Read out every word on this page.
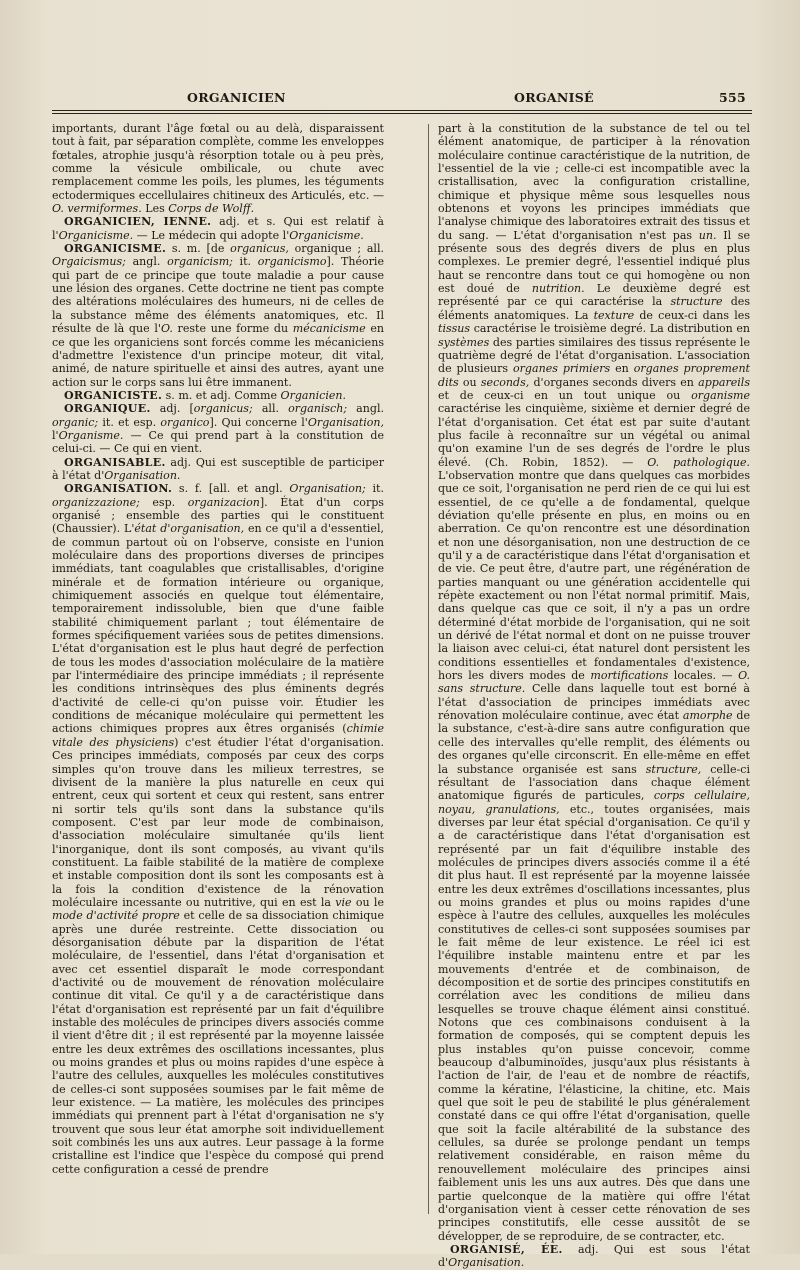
ORGANICIEN	ORGANISÉ	555

importants, durant l'âge fœtal ou au delà, disparaissent tout à fait, par séparation complète, comme les enveloppes fœtales, atrophie jusqu'à résorption totale ou à peu près, comme la vésicule ombilicale, ou chute avec remplacement comme les poils, les plumes, les téguments ectodermiques eccellulaires chitineux des Articulés, etc. — O. vermiformes. Les Corps de Wolff.

ORGANICIEN, IENNE. adj. et s. Qui est relatif à l'Organicisme. — Le médecin qui adopte l'Organicisme.

ORGANICISME. s. m. [de organicus, organique ; all. Orgaicismus; angl. organicism; it. organicismo]. Théorie qui part de ce principe que toute maladie a pour cause une lésion des organes. Cette doctrine ne tient pas compte des altérations moléculaires des humeurs, ni de celles de la substance même des éléments anatomiques, etc. Il résulte de là que l'O. reste une forme du mécanicisme en ce que les organiciens sont forcés comme les mécaniciens d'admettre l'existence d'un principe moteur, dit vital, animé, de nature spirituelle et ainsi des autres, ayant une action sur le corps sans lui être immanent.

ORGANICISTE. s. m. et adj. Comme Organicien.

ORGANIQUE. adj. [organicus; all. organisch; angl. organic; it. et esp. organico]. Qui concerne l'Organisation, l'Organisme. — Ce qui prend part à la constitution de celui-ci. — Ce qui en vient.

ORGANISABLE. adj. Qui est susceptible de participer à l'état d'Organisation.

ORGANISATION. s. f. [all. et angl. Organisation; it. organizzazione; esp. organizacion]. État d'un corps organisé ; ensemble des parties qui le constituent (Chaussier). L'état d'organisation, en ce qu'il a d'essentiel, de commun partout où on l'observe, consiste en l'union moléculaire dans des proportions diverses de principes immédiats, tant coagulables que cristallisables, d'origine minérale et de formation intérieure ou organique, chimiquement associés en quelque tout élémentaire, temporairement indissoluble, bien que d'une faible stabilité chimiquement parlant ; tout élémentaire de formes spécifiquement variées sous de petites dimensions. L'état d'organisation est le plus haut degré de perfection de tous les modes d'association moléculaire de la matière par l'intermédiaire des principe immédiats ; il représente les conditions intrinsèques des plus éminents degrés d'activité de celle-ci qu'on puisse voir. Étudier les conditions de mécanique moléculaire qui permettent les actions chimiques propres aux êtres organisés (chimie vitale des physiciens) c'est étudier l'état d'organisation. Ces principes immédiats, composés par ceux des corps simples qu'on trouve dans les milieux terrestres, se divisent de la manière la plus naturelle en ceux qui entrent, ceux qui sortent et ceux qui restent, sans entrer ni sortir tels qu'ils sont dans la substance qu'ils composent. C'est par leur mode de combinaison, d'association moléculaire simultanée qu'ils lient l'inorganique, dont ils sont composés, au vivant qu'ils constituent. La faible stabilité de la matière de complexe et instable composition dont ils sont les composants est à la fois la condition d'existence de la rénovation moléculaire incessante ou nutritive, qui en est la vie ou le mode d'activité propre et celle de sa dissociation chimique après une durée restreinte. Cette dissociation ou désorganisation débute par la disparition de l'état moléculaire, de l'essentiel, dans l'état d'organisation et avec cet essentiel disparaît le mode correspondant d'activité ou de mouvement de rénovation moléculaire continue dit vital. Ce qu'il y a de caractéristique dans l'état d'organisation est représenté par un fait d'équilibre instable des molécules de principes divers associés comme il vient d'être dit ; il est représenté par la moyenne laissée entre les deux extrêmes des oscillations incessantes, plus ou moins grandes et plus ou moins rapides d'une espèce à l'autre des cellules, auxquelles les molécules constitutives de celles-ci sont supposées soumises par le fait même de leur existence. — La matière, les molécules des principes immédiats qui prennent part à l'état d'organisation ne s'y trouvent que sous leur état amorphe soit individuellement soit combinés les uns aux autres. Leur passage à la forme cristalline est l'indice que l'espèce du composé qui prend cette configuration a cessé de prendre

part à la constitution de la substance de tel ou tel élément anatomique, de participer à la rénovation moléculaire continue caractéristique de la nutrition, de l'essentiel de la vie ; celle-ci est incompatible avec la cristallisation, avec la configuration cristalline, chimique et physique même sous lesquelles nous obtenons et voyons les principes immédiats que l'analyse chimique des laboratoires extrait des tissus et du sang. — L'état d'organisation n'est pas un. Il se présente sous des degrés divers de plus en plus complexes. Le premier degré, l'essentiel indiqué plus haut se rencontre dans tout ce qui homogène ou non est doué de nutrition. Le deuxième degré est représenté par ce qui caractérise la structure des éléments anatomiques. La texture de ceux-ci dans les tissus caractérise le troisième degré. La distribution en systèmes des parties similaires des tissus représente le quatrième degré de l'état d'organisation. L'association de plusieurs organes primiers en organes proprement dits ou seconds, d'organes seconds divers en appareils et de ceux-ci en un tout unique ou organisme caractérise les cinquième, sixième et dernier degré de l'état d'organisation. Cet état est par suite d'autant plus facile à reconnaître sur un végétal ou animal qu'on examine l'un de ses degrés de l'ordre le plus élevé. (Ch. Robin, 1852). — O. pathologique. L'observation montre que dans quelques cas morbides que ce soit, l'organisation ne perd rien de ce qui lui est essentiel, de ce qu'elle a de fondamental, quelque déviation qu'elle présente en plus, en moins ou en aberration. Ce qu'on rencontre est une désordination et non une désorganisation, non une destruction de ce qu'il y a de caractéristique dans l'état d'organisation et de vie. Ce peut être, d'autre part, une régénération de parties manquant ou une génération accidentelle qui répète exactement ou non l'état normal primitif. Mais, dans quelque cas que ce soit, il n'y a pas un ordre déterminé d'état morbide de l'organisation, qui ne soit un dérivé de l'état normal et dont on ne puisse trouver la liaison avec celui-ci, état naturel dont persistent les conditions essentielles et fondamentales d'existence, hors les divers modes de mortifications locales. — O. sans structure. Celle dans laquelle tout est borné à l'état d'association de principes immédiats avec rénovation moléculaire continue, avec état amorphe de la substance, c'est-à-dire sans autre configuration que celle des intervalles qu'elle remplit, des éléments ou des organes qu'elle circonscrit. En elle-même en effet la substance organisée est sans structure, celle-ci résultant de l'association dans chaque élément anatomique figurés de particules, corps cellulaire, noyau, granulations, etc., toutes organisées, mais diverses par leur état spécial d'organisation. Ce qu'il y a de caractéristique dans l'état d'organisation est représenté par un fait d'équilibre instable des molécules de principes divers associés comme il a été dit plus haut. Il est représenté par la moyenne laissée entre les deux extrêmes d'oscillations incessantes, plus ou moins grandes et plus ou moins rapides d'une espèce à l'autre des cellules, auxquelles les molécules constitutives de celles-ci sont supposées soumises par le fait même de leur existence. Le réel ici est l'équilibre instable maintenu entre et par les mouvements d'entrée et de combinaison, de décomposition et de sortie des principes constitutifs en corrélation avec les conditions de milieu dans lesquelles se trouve chaque élément ainsi constitué. Notons que ces combinaisons conduisent à la formation de composés, qui se comptent depuis les plus instables qu'on puisse concevoir, comme beaucoup d'albuminoïdes, jusqu'aux plus résistants à l'action de l'air, de l'eau et de nombre de réactifs, comme la kératine, l'élasticine, la chitine, etc. Mais quel que soit le peu de stabilité le plus généralement constaté dans ce qui offre l'état d'organisation, quelle que soit la facile altérabilité de la substance des cellules, sa durée se prolonge pendant un temps relativement considérable, en raison même du renouvellement moléculaire des principes ainsi faiblement unis les uns aux autres. Dès que dans une partie quelconque de la matière qui offre l'état d'organisation vient à cesser cette rénovation de ses principes constitutifs, elle cesse aussitôt de se développer, de se reproduire, de se contracter, etc.

ORGANISÉ, ÉE. adj. Qui est sous l'état d'Organisation.
